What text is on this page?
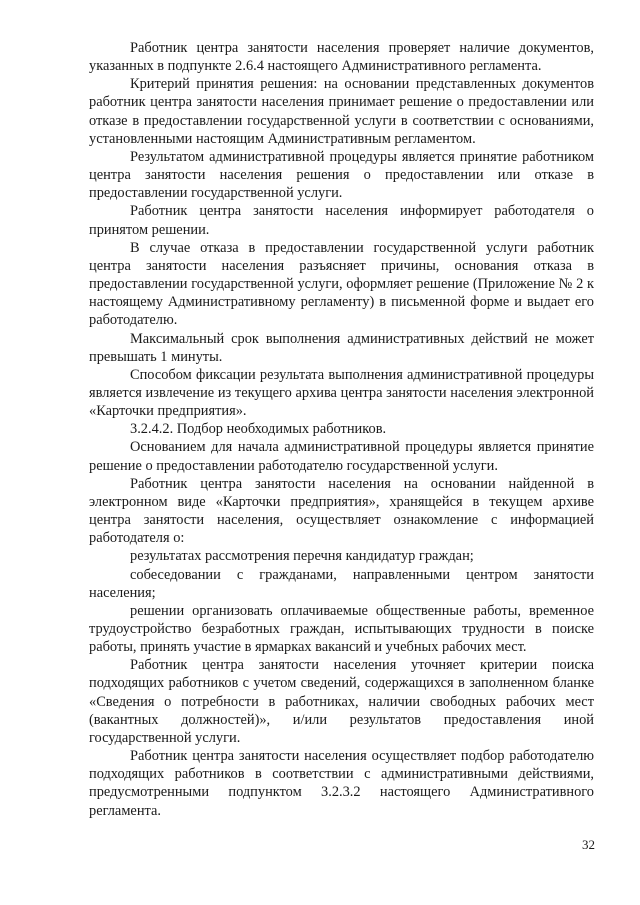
Работник центра занятости населения проверяет наличие документов, указанных в подпункте 2.6.4 настоящего Административного регламента.

Критерий принятия решения: на основании представленных документов работник центра занятости населения принимает решение о предоставлении или отказе в предоставлении государственной услуги в соответствии с основаниями, установленными настоящим Административным регламентом.

Результатом административной процедуры является принятие работником центра занятости населения решения о предоставлении или отказе в предоставлении государственной услуги.

Работник центра занятости населения информирует работодателя о принятом решении.

В случае отказа в предоставлении государственной услуги работник центра занятости населения разъясняет причины, основания отказа в предоставлении государственной услуги, оформляет решение (Приложение № 2 к настоящему Административному регламенту) в письменной форме и выдает его работодателю.

Максимальный срок выполнения административных действий не может превышать 1 минуты.

Способом фиксации результата выполнения административной процедуры является извлечение из текущего архива центра занятости населения электронной «Карточки предприятия».

3.2.4.2. Подбор необходимых работников.

Основанием для начала административной процедуры является принятие решение о предоставлении работодателю государственной услуги.

Работник центра занятости населения на основании найденной в электронном виде «Карточки предприятия», хранящейся в текущем архиве центра занятости населения, осуществляет ознакомление с информацией работодателя о:

результатах рассмотрения перечня кандидатур граждан;

собеседовании с гражданами, направленными центром занятости населения;

решении организовать оплачиваемые общественные работы, временное трудоустройство безработных граждан, испытывающих трудности в поиске работы, принять участие в ярмарках вакансий и учебных рабочих мест.

Работник центра занятости населения уточняет критерии поиска подходящих работников с учетом сведений, содержащихся в заполненном бланке «Сведения о потребности в работниках, наличии свободных рабочих мест (вакантных должностей)», и/или результатов предоставления иной государственной услуги.

Работник центра занятости населения осуществляет подбор работодателю подходящих работников в соответствии с административными действиями, предусмотренными подпунктом 3.2.3.2 настоящего Административного регламента.

32
